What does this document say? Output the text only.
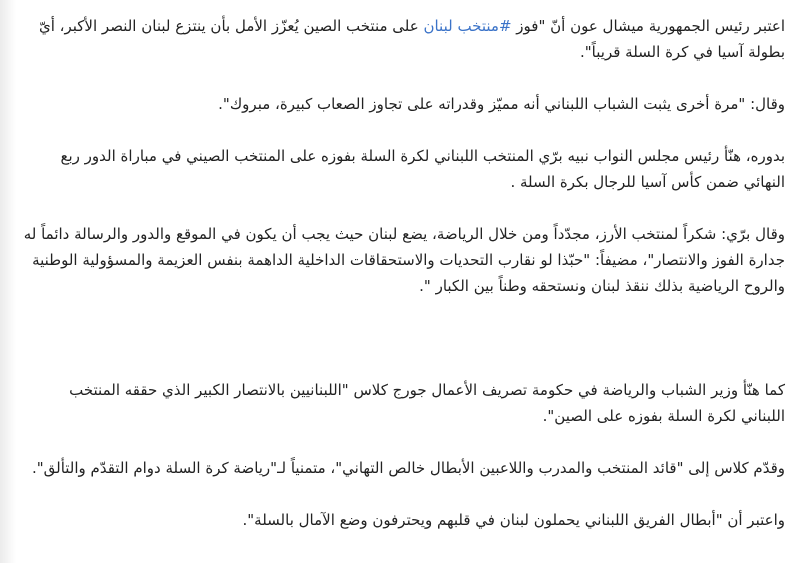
اعتبر رئيس الجمهورية ميشال عون أنّ "فوز #منتخب لبنان على منتخب الصين يُعزّز الأمل بأن ينتزع لبنان النصر الأكبر، أيّ بطولة آسيا في كرة السلة قريباً".

وقال: "مرة أخرى يثبت الشباب اللبناني أنه مميّز وقدراته على تجاوز الصعاب كبيرة، مبروك".

بدوره، هنّأ رئيس مجلس النواب نبيه برّي المنتخب اللبناني لكرة السلة بفوزه على المنتخب الصيني في مباراة الدور ربع النهائي ضمن كأس آسيا للرجال بكرة السلة .

وقال برّي: شكراً لمنتخب الأرز، مجدّداً ومن خلال الرياضة، يضع لبنان حيث يجب أن يكون في الموقع والدور والرسالة دائماً له جدارة الفوز والانتصار"، مضيفاً: "حبّذا لو نقارب التحديات والاستحقاقات الداخلية الداهمة بنفس العزيمة والمسؤولية الوطنية والروح الرياضية بذلك ننقذ لبنان ونستحقه وطناً بين الكبار ".

كما هنّأ وزير الشباب والرياضة في حكومة تصريف الأعمال جورج كلاس "اللبنانيين بالانتصار الكبير الذي حققه المنتخب اللبناني لكرة السلة بفوزه على الصين".

وقدّم كلاس إلى "قائد المنتخب والمدرب واللاعبين الأبطال خالص التهاني"، متمنياً لـ"رياضة كرة السلة دوام التقدّم والتألق".

واعتبر أن "أبطال الفريق اللبناني يحملون لبنان في قلبهم ويحترفون وضع الآمال بالسلة".
